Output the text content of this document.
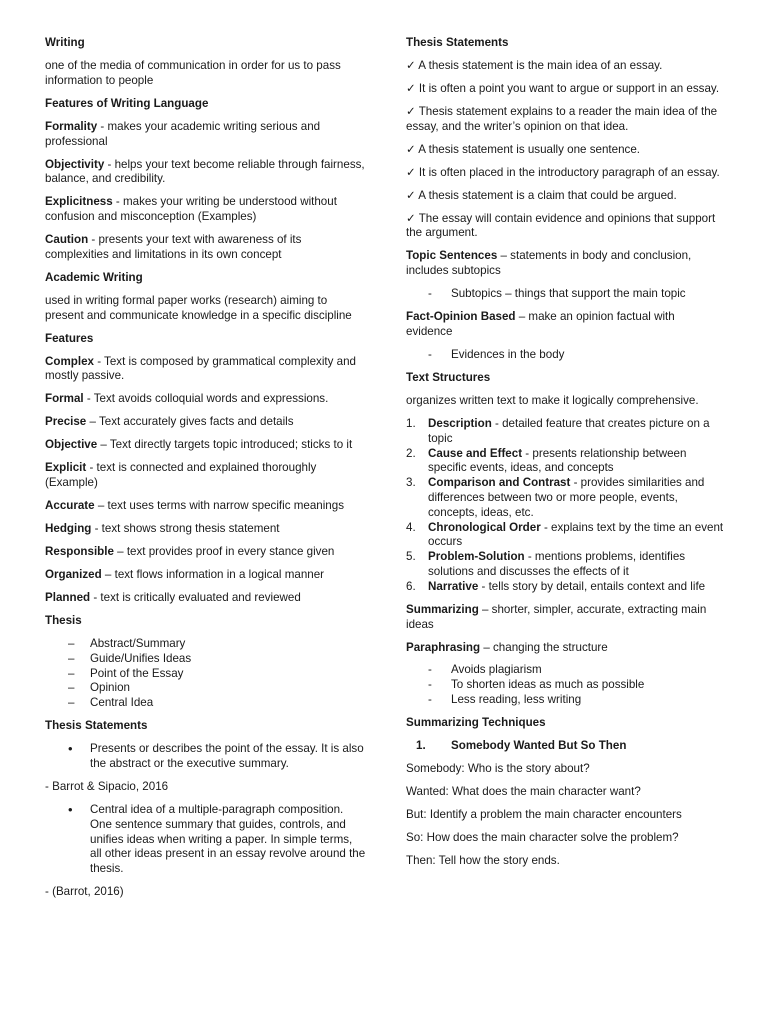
Writing
one of the media of communication in order for us to pass information to people
Features of Writing Language
Formality - makes your academic writing serious and professional
Objectivity - helps your text become reliable through fairness, balance, and credibility.
Explicitness - makes your writing be understood without confusion and misconception (Examples)
Caution - presents your text with awareness of its complexities and limitations in its own concept
Academic Writing
used in writing formal paper works (research) aiming to present and communicate knowledge in a specific discipline
Features
Complex - Text is composed by grammatical complexity and mostly passive.
Formal - Text avoids colloquial words and expressions.
Precise – Text accurately gives facts and details
Objective – Text directly targets topic introduced; sticks to it
Explicit - text is connected and explained thoroughly (Example)
Accurate – text uses terms with narrow specific meanings
Hedging - text shows strong thesis statement
Responsible – text provides proof in every stance given
Organized – text flows information in a logical manner
Planned - text is critically evaluated and reviewed
Thesis
– Abstract/Summary
– Guide/Unifies Ideas
– Point of the Essay
– Opinion
– Central Idea
Thesis Statements
• Presents or describes the point of the essay. It is also the abstract or the executive summary.
- Barrot & Sipacio, 2016
• Central idea of a multiple-paragraph composition. One sentence summary that guides, controls, and unifies ideas when writing a paper. In simple terms, all other ideas present in an essay revolve around the thesis.
- (Barrot, 2016)
Thesis Statements
✓ A thesis statement is the main idea of an essay.
✓ It is often a point you want to argue or support in an essay.
✓ Thesis statement explains to a reader the main idea of the essay, and the writer’s opinion on that idea.
✓ A thesis statement is usually one sentence.
✓ It is often placed in the introductory paragraph of an essay.
✓ A thesis statement is a claim that could be argued.
✓ The essay will contain evidence and opinions that support the argument.
Topic Sentences – statements in body and conclusion, includes subtopics
- Subtopics – things that support the main topic
Fact-Opinion Based – make an opinion factual with evidence
- Evidences in the body
Text Structures
organizes written text to make it logically comprehensive.
1. Description - detailed feature that creates picture on a topic
2. Cause and Effect - presents relationship between specific events, ideas, and concepts
3. Comparison and Contrast - provides similarities and differences between two or more people, events, concepts, ideas, etc.
4. Chronological Order - explains text by the time an event occurs
5. Problem-Solution - mentions problems, identifies solutions and discusses the effects of it
6. Narrative - tells story by detail, entails context and life
Summarizing – shorter, simpler, accurate, extracting main ideas
Paraphrasing – changing the structure
- Avoids plagiarism
- To shorten ideas as much as possible
- Less reading, less writing
Summarizing Techniques
1. Somebody Wanted But So Then
Somebody: Who is the story about?
Wanted: What does the main character want?
But: Identify a problem the main character encounters
So: How does the main character solve the problem?
Then: Tell how the story ends.
